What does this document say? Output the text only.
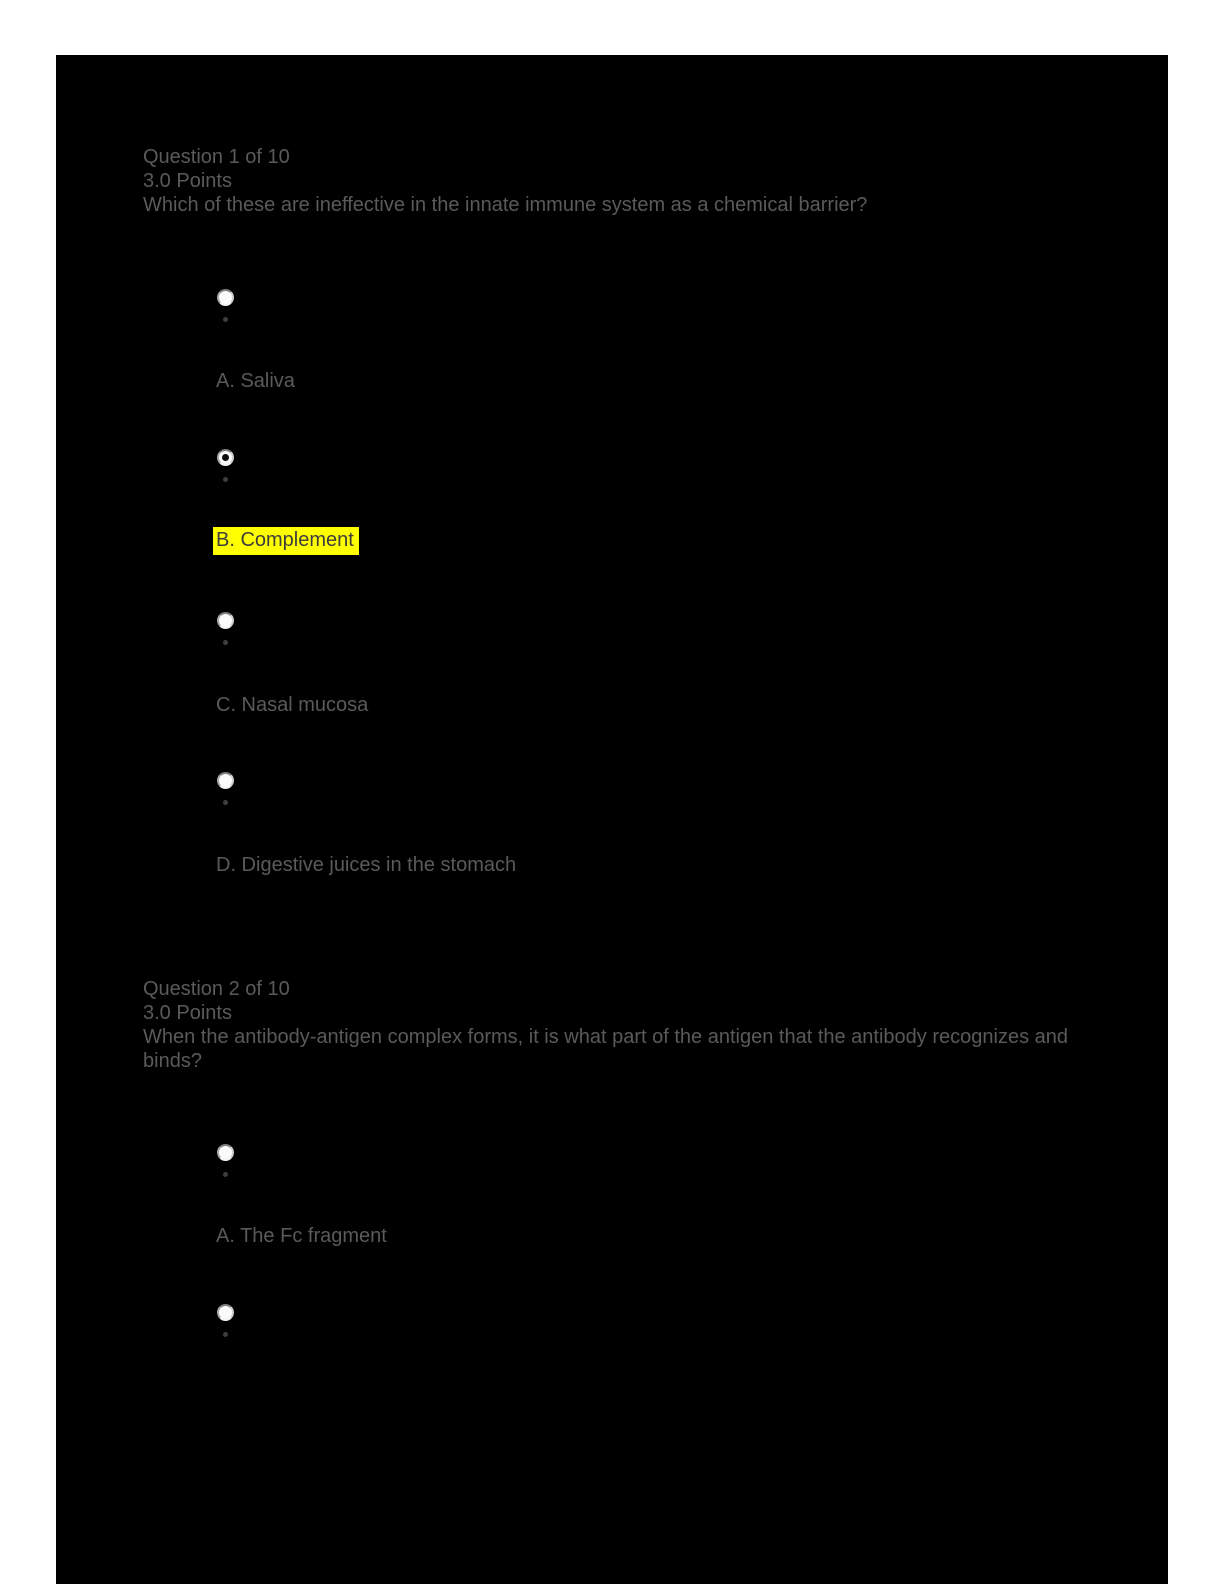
Question 1 of 10
3.0 Points
Which of these are ineffective in the innate immune system as a chemical barrier?
A. Saliva
B. Complement
C. Nasal mucosa
D. Digestive juices in the stomach
Question 2 of 10
3.0 Points
When the antibody-antigen complex forms, it is what part of the antigen that the antibody recognizes and binds?
A. The Fc fragment
